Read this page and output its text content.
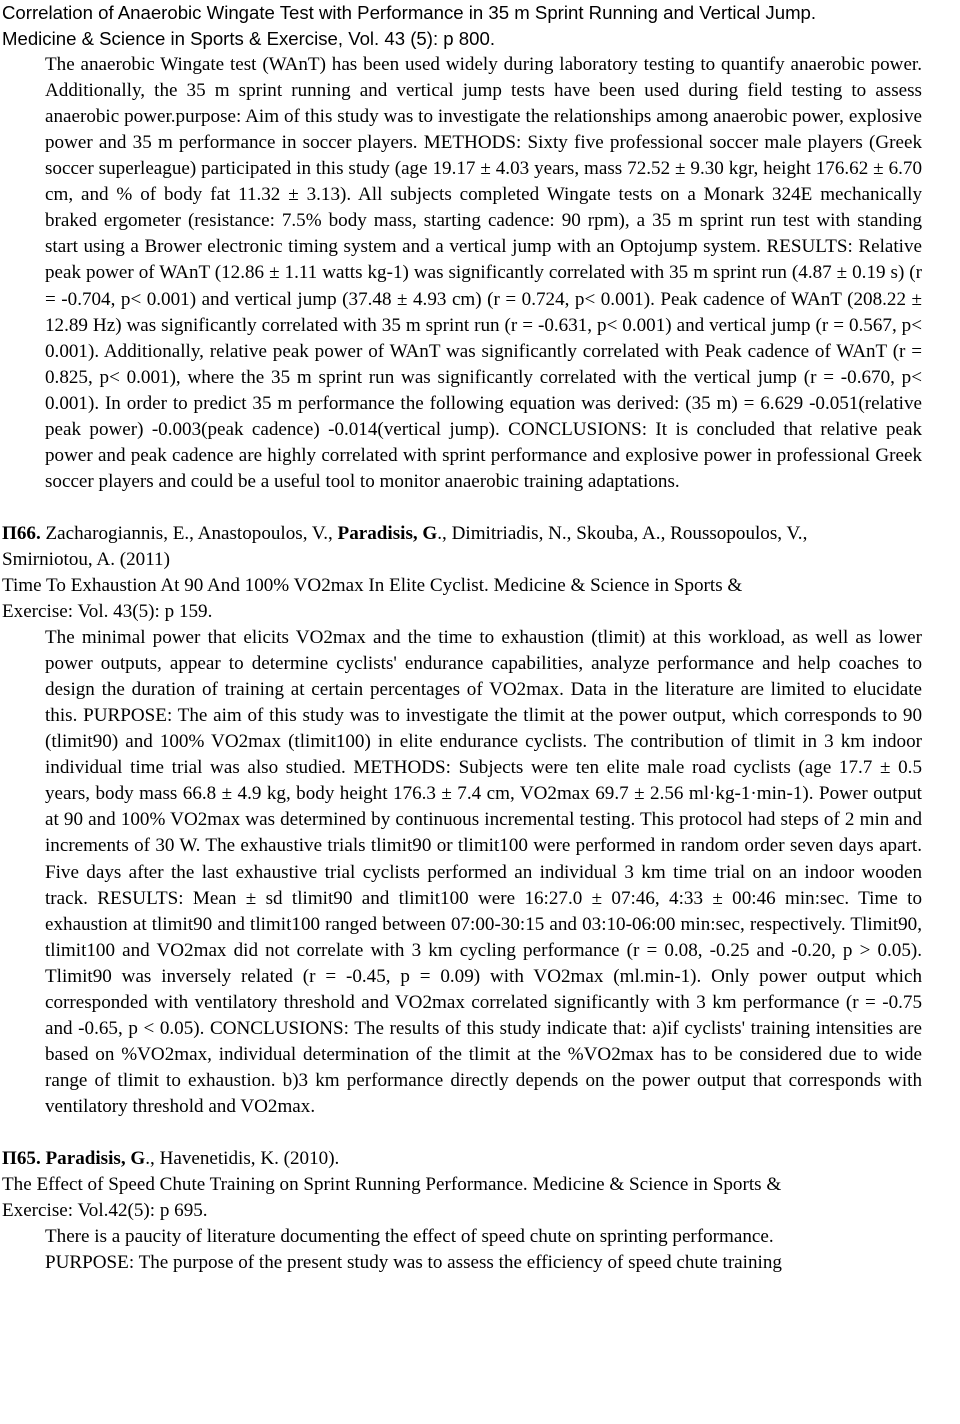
Correlation of Anaerobic Wingate Test with Performance in 35 m Sprint Running and Vertical Jump.
Medicine & Science in Sports & Exercise, Vol. 43 (5): p 800.
The anaerobic Wingate test (WAnT) has been used widely during laboratory testing to quantify anaerobic power. Additionally, the 35 m sprint running and vertical jump tests have been used during field testing to assess anaerobic power.purpose: Aim of this study was to investigate the relationships among anaerobic power, explosive power and 35 m performance in soccer players. METHODS: Sixty five professional soccer male players (Greek soccer superleague) participated in this study (age 19.17 ± 4.03 years, mass 72.52 ± 9.30 kgr, height 176.62 ± 6.70 cm, and % of body fat 11.32 ± 3.13). All subjects completed Wingate tests on a Monark 324E mechanically braked ergometer (resistance: 7.5% body mass, starting cadence: 90 rpm), a 35 m sprint run test with standing start using a Brower electronic timing system and a vertical jump with an Optojump system. RESULTS: Relative peak power of WAnT (12.86 ± 1.11 watts kg-1) was significantly correlated with 35 m sprint run (4.87 ± 0.19 s) (r = -0.704, p< 0.001) and vertical jump (37.48 ± 4.93 cm) (r = 0.724, p< 0.001). Peak cadence of WAnT (208.22 ± 12.89 Hz) was significantly correlated with 35 m sprint run (r = -0.631, p< 0.001) and vertical jump (r = 0.567, p< 0.001). Additionally, relative peak power of WAnT was significantly correlated with Peak cadence of WAnT (r = 0.825, p< 0.001), where the 35 m sprint run was significantly correlated with the vertical jump (r = -0.670, p< 0.001). In order to predict 35 m performance the following equation was derived: (35 m) = 6.629 -0.051(relative peak power) -0.003(peak cadence) -0.014(vertical jump). CONCLUSIONS: It is concluded that relative peak power and peak cadence are highly correlated with sprint performance and explosive power in professional Greek soccer players and could be a useful tool to monitor anaerobic training adaptations.
Π66. Zacharogiannis, E., Anastopoulos, V., Paradisis, G., Dimitriadis, N., Skouba, A., Roussopoulos, V.,
Smirniotou, A. (2011)
Time To Exhaustion At 90 And 100% VO2max In Elite Cyclist. Medicine & Science in Sports &
Exercise: Vol. 43(5): p 159.
The minimal power that elicits VO2max and the time to exhaustion (tlimit) at this workload, as well as lower power outputs, appear to determine cyclists' endurance capabilities, analyze performance and help coaches to design the duration of training at certain percentages of VO2max. Data in the literature are limited to elucidate this. PURPOSE: The aim of this study was to investigate the tlimit at the power output, which corresponds to 90 (tlimit90) and 100% VO2max (tlimit100) in elite endurance cyclists. The contribution of tlimit in 3 km indoor individual time trial was also studied. METHODS: Subjects were ten elite male road cyclists (age 17.7 ± 0.5 years, body mass 66.8 ± 4.9 kg, body height 176.3 ± 7.4 cm, VO2max 69.7 ± 2.56 ml·kg-1·min-1). Power output at 90 and 100% VO2max was determined by continuous incremental testing. This protocol had steps of 2 min and increments of 30 W. The exhaustive trials tlimit90 or tlimit100 were performed in random order seven days apart. Five days after the last exhaustive trial cyclists performed an individual 3 km time trial on an indoor wooden track. RESULTS: Mean ± sd tlimit90 and tlimit100 were 16:27.0 ± 07:46, 4:33 ± 00:46 min:sec. Time to exhaustion at tlimit90 and tlimit100 ranged between 07:00-30:15 and 03:10-06:00 min:sec, respectively. Tlimit90, tlimit100 and VO2max did not correlate with 3 km cycling performance (r = 0.08, -0.25 and -0.20, p > 0.05). Tlimit90 was inversely related (r = -0.45, p = 0.09) with VO2max (ml.min-1). Only power output which corresponded with ventilatory threshold and VO2max correlated significantly with 3 km performance (r = -0.75 and -0.65, p < 0.05). CONCLUSIONS: The results of this study indicate that: a)if cyclists' training intensities are based on %VO2max, individual determination of the tlimit at the %VO2max has to be considered due to wide range of tlimit to exhaustion. b)3 km performance directly depends on the power output that corresponds with ventilatory threshold and VO2max.
Π65. Paradisis, G., Havenetidis, K. (2010).
The Effect of Speed Chute Training on Sprint Running Performance. Medicine & Science in Sports &
Exercise: Vol.42(5): p 695.
There is a paucity of literature documenting the effect of speed chute on sprinting performance.
PURPOSE: The purpose of the present study was to assess the efficiency of speed chute training
